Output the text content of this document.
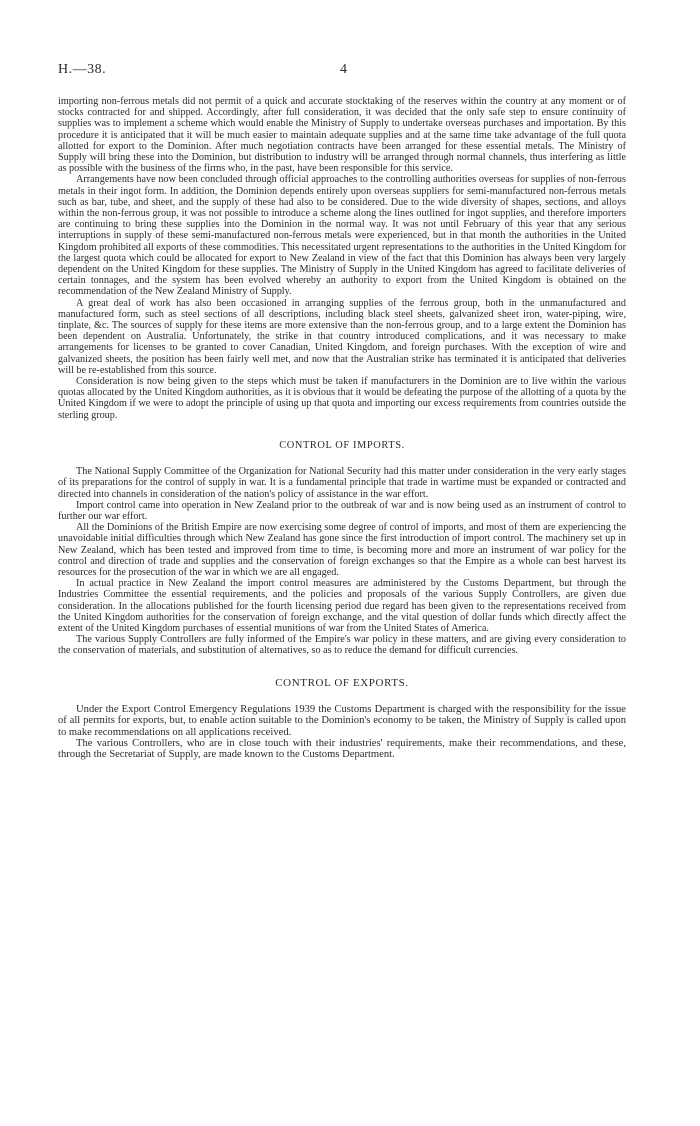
H.—38.	4

importing non-ferrous metals did not permit of a quick and accurate stocktaking of the reserves within the country at any moment or of stocks contracted for and shipped. Accordingly, after full consideration, it was decided that the only safe step to ensure continuity of supplies was to implement a scheme which would enable the Ministry of Supply to undertake overseas purchases and importation. By this procedure it is anticipated that it will be much easier to maintain adequate supplies and at the same time take advantage of the full quota allotted for export to the Dominion. After much negotiation contracts have been arranged for these essential metals. The Ministry of Supply will bring these into the Dominion, but distribution to industry will be arranged through normal channels, thus interfering as little as possible with the business of the firms who, in the past, have been responsible for this service.

Arrangements have now been concluded through official approaches to the controlling authorities overseas for supplies of non-ferrous metals in their ingot form. In addition, the Dominion depends entirely upon overseas suppliers for semi-manufactured non-ferrous metals such as bar, tube, and sheet, and the supply of these had also to be considered. Due to the wide diversity of shapes, sections, and alloys within the non-ferrous group, it was not possible to introduce a scheme along the lines outlined for ingot supplies, and therefore importers are continuing to bring these supplies into the Dominion in the normal way. It was not until February of this year that any serious interruptions in supply of these semi-manufactured non-ferrous metals were experienced, but in that month the authorities in the United Kingdom prohibited all exports of these commodities. This necessitated urgent representations to the authorities in the United Kingdom for the largest quota which could be allocated for export to New Zealand in view of the fact that this Dominion has always been very largely dependent on the United Kingdom for these supplies. The Ministry of Supply in the United Kingdom has agreed to facilitate deliveries of certain tonnages, and the system has been evolved whereby an authority to export from the United Kingdom is obtained on the recommendation of the New Zealand Ministry of Supply.

A great deal of work has also been occasioned in arranging supplies of the ferrous group, both in the unmanufactured and manufactured form, such as steel sections of all descriptions, including black steel sheets, galvanized sheet iron, water-piping, wire, tinplate, &c. The sources of supply for these items are more extensive than the non-ferrous group, and to a large extent the Dominion has been dependent on Australia. Unfortunately, the strike in that country introduced complications, and it was necessary to make arrangements for licenses to be granted to cover Canadian, United Kingdom, and foreign purchases. With the exception of wire and galvanized sheets, the position has been fairly well met, and now that the Australian strike has terminated it is anticipated that deliveries will be re-established from this source.

Consideration is now being given to the steps which must be taken if manufacturers in the Dominion are to live within the various quotas allocated by the United Kingdom authorities, as it is obvious that it would be defeating the purpose of the allotting of a quota by the United Kingdom if we were to adopt the principle of using up that quota and importing our excess requirements from countries outside the sterling group.

CONTROL OF IMPORTS.

The National Supply Committee of the Organization for National Security had this matter under consideration in the very early stages of its preparations for the control of supply in war. It is a fundamental principle that trade in wartime must be expanded or contracted and directed into channels in consideration of the nation's policy of assistance in the war effort.

Import control came into operation in New Zealand prior to the outbreak of war and is now being used as an instrument of control to further our war effort.

All the Dominions of the British Empire are now exercising some degree of control of imports, and most of them are experiencing the unavoidable initial difficulties through which New Zealand has gone since the first introduction of import control. The machinery set up in New Zealand, which has been tested and improved from time to time, is becoming more and more an instrument of war policy for the control and direction of trade and supplies and the conservation of foreign exchanges so that the Empire as a whole can best harvest its resources for the prosecution of the war in which we are all engaged.

In actual practice in New Zealand the import control measures are administered by the Customs Department, but through the Industries Committee the essential requirements, and the policies and proposals of the various Supply Controllers, are given due consideration. In the allocations published for the fourth licensing period due regard has been given to the representations received from the United Kingdom authorities for the conservation of foreign exchange, and the vital question of dollar funds which directly affect the extent of the United Kingdom purchases of essential munitions of war from the United States of America.

The various Supply Controllers are fully informed of the Empire's war policy in these matters, and are giving every consideration to the conservation of materials, and substitution of alternatives, so as to reduce the demand for difficult currencies.

CONTROL OF EXPORTS.

Under the Export Control Emergency Regulations 1939 the Customs Department is charged with the responsibility for the issue of all permits for exports, but, to enable action suitable to the Dominion's economy to be taken, the Ministry of Supply is called upon to make recommendations on all applications received.

The various Controllers, who are in close touch with their industries' requirements, make their recommendations, and these, through the Secretariat of Supply, are made known to the Customs Department.
